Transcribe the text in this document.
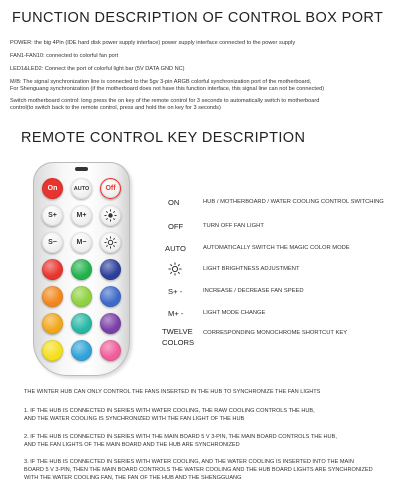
FUNCTION DESCRIPTION OF CONTROL BOX PORT
POWER: the big 4Pin (IDE hard disk power supply interface) power supply interface connected to the power supply
FAN1-FAN10: connected to colorful fan port
LED1&LED2: Connect the port of colorful light bar (5V DATA GND NC)
M/B: The signal synchronization line is connected to the 5gv 3-pin ARGB colorful synchronization port of the motherboard,
For Shenguang synchronization (if the motherboard does not have this function interface, this signal line can not be connected)
Switch motherboard control: long press the on key of the remote control for 3 seconds to automatically switch to motherboard
control(to switch back to the remote control, press and hold the on key for 3 seconds)
REMOTE CONTROL KEY DESCRIPTION
On	AUTO Off
S+	M+
S−	M−
ON	HUB / MOTHERBOARD / WATER COOLING CONTROL SWITCHING
OFF	TURN OFF FAN LIGHT
AUTO	AUTOMATICALLY SWITCH THE MAGIC COLOR MODE
LIGHT BRIGHTNESS ADJUSTMENT
S+ -	INCREASE / DECREASE FAN SPEED
M+ -	LIGHT MODE CHANGE
TWELVE
COLORS
CORRESPONDING MONOCHROME SHORTCUT KEY
THE WINTER HUB CAN ONLY CONTROL THE FANS INSERTED IN THE HUB TO SYNCHRONIZE THE FAN LIGHTS
1. IF THE HUB IS CONNECTED IN SERIES WITH WATER COOLING, THE RAW COOLING CONTROLS THE HUB,
AND THE WATER COOLING IS SYNCHRONIZED WITH THE FAN LIGHT OF THE HUB
2. IF THE HUB IS CONNECTED IN SERIES WITH THE MAIN BOARD 5 V 3-PIN, THE MAIN BOARD CONTROLS THE HUB,
AND THE FAN LIGHTS OF THE MAIN BOARD AND THE HUB ARE SYNCHRONIZED
3. IF THE HUB IS CONNECTED IN SERIES WITH WATER COOLING, AND THE WATER COOLING IS INSERTED INTO THE MAIN
BOARD 5 V 3-PIN, THEN THE MAIN BOARD CONTROLS THE WATER COOLING AND THE HUB BOARD LIGHTS ARE SYNCHRONIZED
WITH THE WATER COOLING FAN, THE FAN OF THE HUB AND THE SHENGGUANG
